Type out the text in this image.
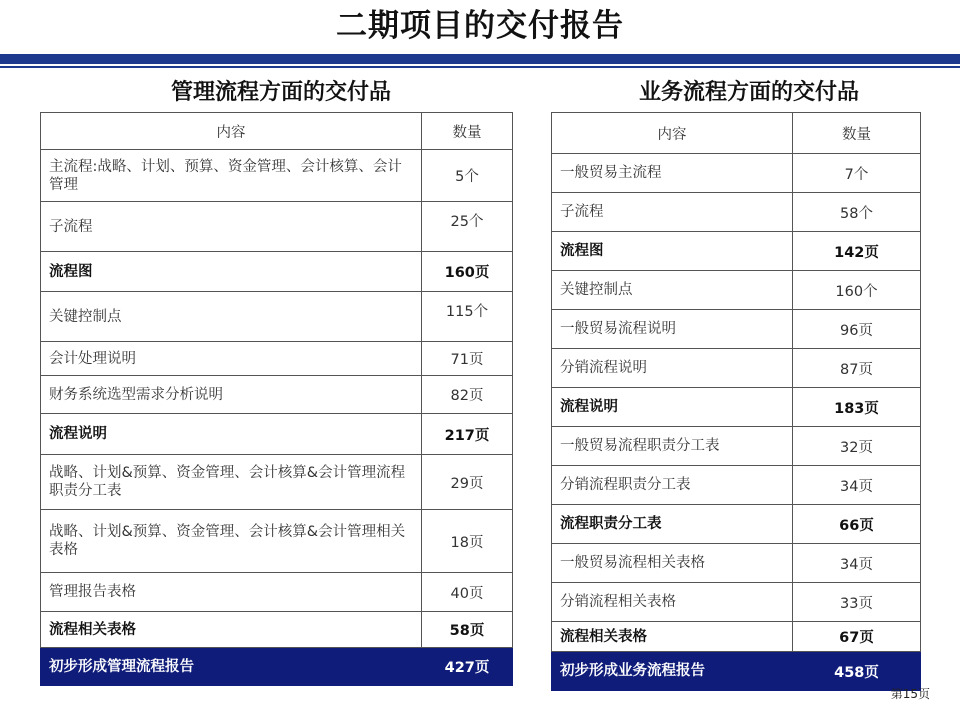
二期项目的交付报告
管理流程方面的交付品
内容	数量
主流程:战略、计划、预算、资金管理、会计核算、会计管理	5个
子流程	25个
流程图	160页
关键控制点	115个
会计处理说明	71页
财务系统选型需求分析说明	82页
流程说明	217页
战略、计划&预算、资金管理、会计核算&会计管理流程职责分工表	29页
战略、计划&预算、资金管理、会计核算&会计管理相关表格	18页
管理报告表格	40页
流程相关表格	58页
初步形成管理流程报告	427页
业务流程方面的交付品
内容	数量
一般贸易主流程	7个
子流程	58个
流程图	142页
关键控制点	160个
一般贸易流程说明	96页
分销流程说明	87页
流程说明	183页
一般贸易流程职责分工表	32页
分销流程职责分工表	34页
流程职责分工表	66页
一般贸易流程相关表格	34页
分销流程相关表格	33页
流程相关表格	67页
初步形成业务流程报告	458页
第15页
